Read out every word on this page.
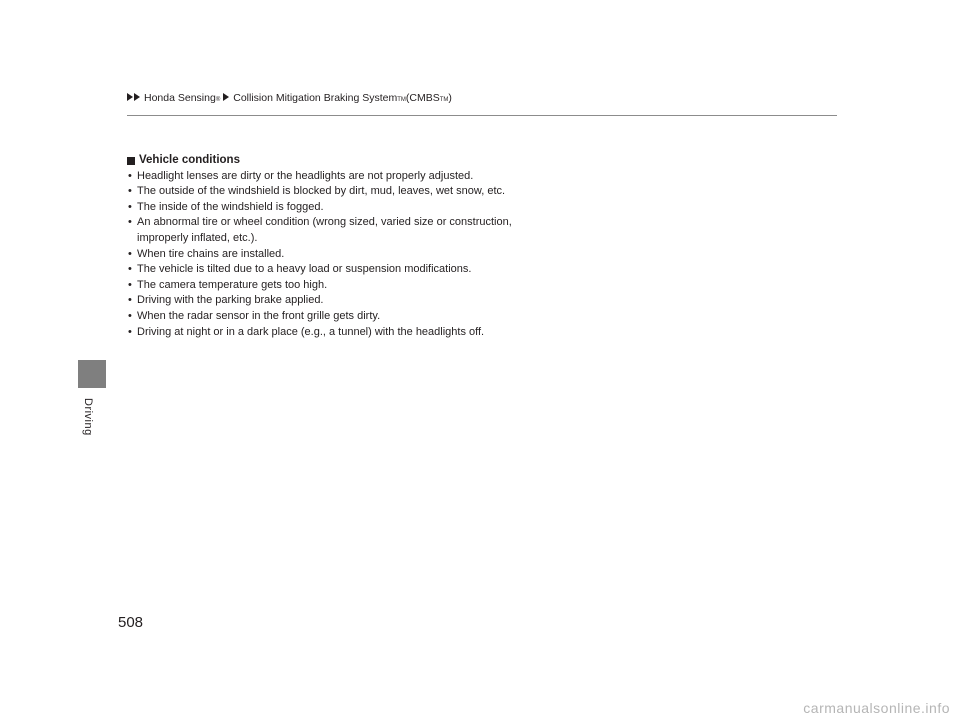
Honda Sensing ® Collision Mitigation Braking System TM (CMBS TM )
Driving
Vehicle conditions
• Headlight lenses are dirty or the headlights are not properly adjusted.
• The outside of the windshield is blocked by dirt, mud, leaves, wet snow, etc.
• The inside of the windshield is fogged.
• An abnormal tire or wheel condition (wrong sized, varied size or construction,
improperly inflated, etc.).
• When tire chains are installed.
• The vehicle is tilted due to a heavy load or suspension modifications.
• The camera temperature gets too high.
• Driving with the parking brake applied.
• When the radar sensor in the front grille gets dirty.
• Driving at night or in a dark place (e.g., a tunnel) with the headlights off.
508
carmanualsonline.info
